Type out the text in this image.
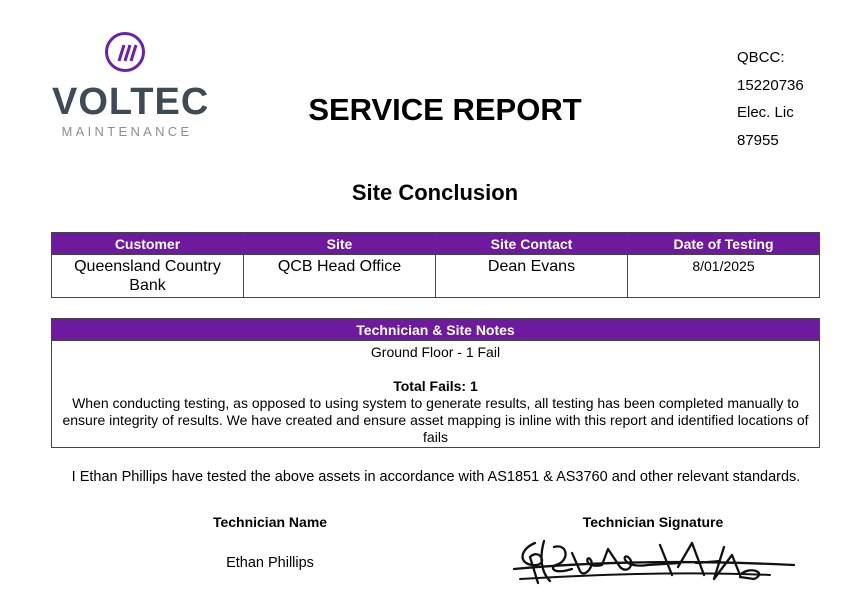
VOLTEC
MAINTENANCE
SERVICE REPORT
QBCC:
15220736
Elec. Lic
87955
Site Conclusion
Customer	Site	Site Contact	Date of Testing
Queensland Country Bank	QCB Head Office	Dean Evans	8/01/2025
Technician & Site Notes

Ground Floor - 1 Fail
Total Fails: 1
When conducting testing, as opposed to using system to generate results, all testing has been completed manually to ensure integrity of results. We have created and ensure asset mapping is inline with this report and identified locations of fails
I Ethan Phillips have tested the above assets in accordance with AS1851 & AS3760 and other relevant standards.
Technician Name	Technician Signature
Ethan Phillips
